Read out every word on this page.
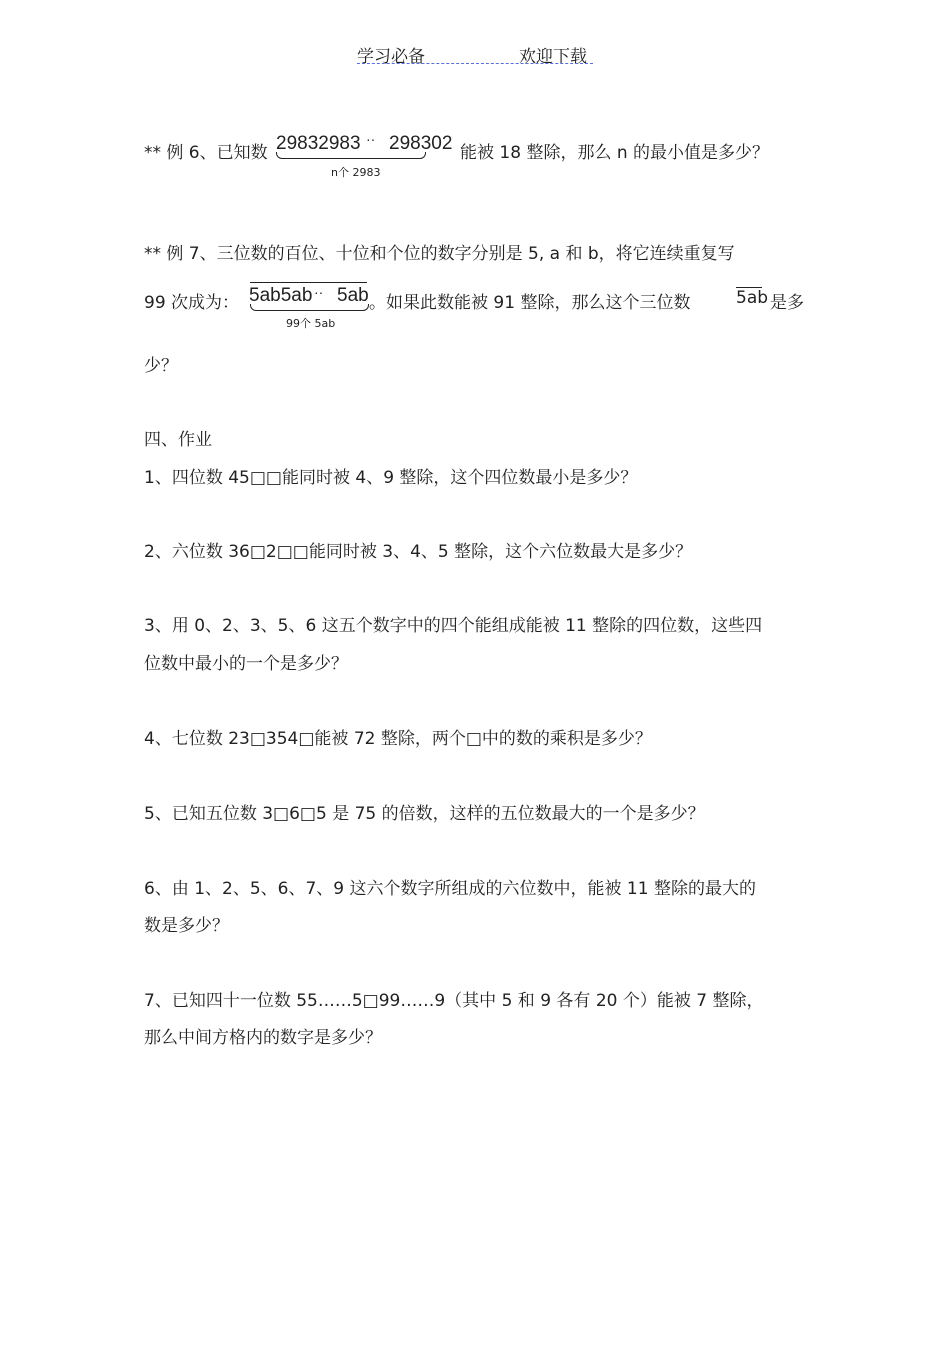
学习必备	欢迎下载
** 例 6、已知数 29832983 ·· 298302 能被 18 整除，那么 n 的最小值是多少？
n个 2983
** 例 7、三位数的百位、十位和个位的数字分别是 5, a 和 b，将它连续重复写
99 次成为： 5ab5ab ·· 5ab 。如果此数能被 91 整除，那么这个三位数	5ab 是多
99个 5ab
少？
四、作业
1、四位数 45□□能同时被 4、9 整除，这个四位数最小是多少？
2、六位数 36□2□□能同时被 3、4、5 整除，这个六位数最大是多少？
3、用 0、2、3、5、6 这五个数字中的四个能组成能被 11 整除的四位数，这些四
位数中最小的一个是多少？
4、七位数 23□354□能被 72 整除，两个□中的数的乘积是多少？
5、已知五位数 3□6□5 是 75 的倍数，这样的五位数最大的一个是多少？
6、由 1、2、5、6、7、9 这六个数字所组成的六位数中，能被 11 整除的最大的
数是多少？
7、已知四十一位数 55……5□99……9（其中 5 和 9 各有 20 个）能被 7 整除，
那么中间方格内的数字是多少？
